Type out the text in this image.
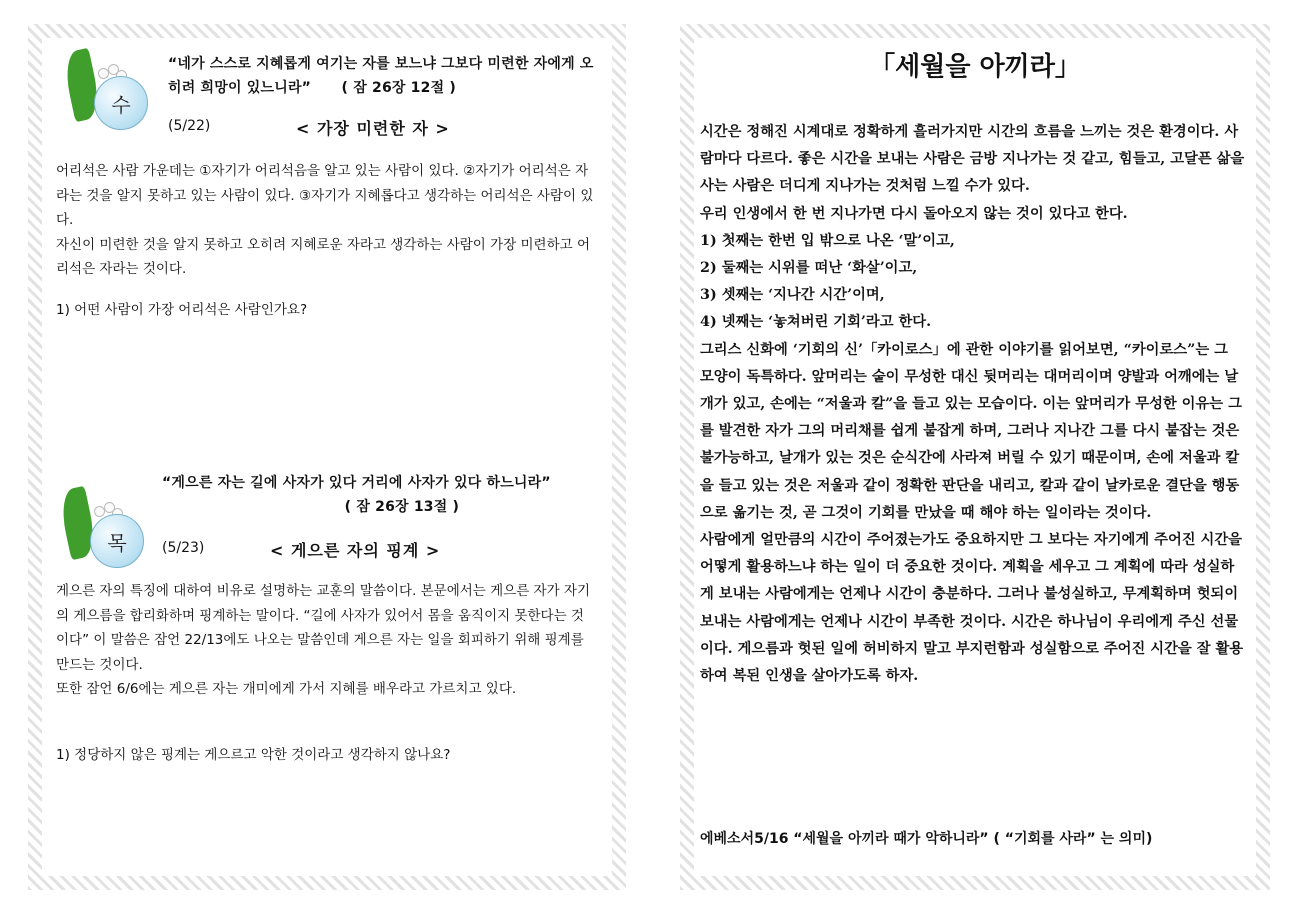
수
“네가 스스로 지혜롭게 여기는 자를 보느냐 그보다 미련한 자에게 오히려 희망이 있느니라” ( 잠 26장 12절 )
(5/22)	< 가장 미련한 자 >
어리석은 사람 가운데는 ①자기가 어리석음을 알고 있는 사람이 있다. ②자기가 어리석은 자라는 것을 알지 못하고 있는 사람이 있다. ③자기가 지혜롭다고 생각하는 어리석은 사람이 있다.
자신이 미련한 것을 알지 못하고 오히려 지혜로운 자라고 생각하는 사람이 가장 미련하고 어리석은 자라는 것이다.
1) 어떤 사람이 가장 어리석은 사람인가요?
목
“게으른 자는 길에 사자가 있다 거리에 사자가 있다 하느니라”                                     ( 잠 26장 13절 )
(5/23)	< 게으른 자의 핑계 >
게으른 자의 특징에 대하여 비유로 설명하는 교훈의 말씀이다. 본문에서는 게으른 자가 자기의 게으름을 합리화하며 핑계하는 말이다. “길에 사자가 있어서 몸을 움직이지 못한다는 것이다” 이 말씀은 잠언 22/13에도 나오는 말씀인데 게으른 자는 일을 회피하기 위해 핑계를 만드는 것이다.
또한 잠언 6/6에는 게으른 자는 개미에게 가서 지혜를 배우라고 가르치고 있다.
1) 정당하지 않은 핑계는 게으르고 악한 것이라고 생각하지 않나요?
「세월을 아끼라」

시간은 정해진 시계대로 정확하게 흘러가지만 시간의 흐름을 느끼는 것은 환경이다. 사람마다 다르다. 좋은 시간을 보내는 사람은 금방 지나가는 것 같고, 힘들고, 고달픈 삶을 사는 사람은 더디게 지나가는 것처럼 느낄 수가 있다.

우리 인생에서 한 번 지나가면 다시 돌아오지 않는 것이 있다고 한다.

1) 첫째는 한번 입 밖으로 나온 ‘말’이고,

2) 둘째는 시위를 떠난 ‘화살’이고,

3) 셋째는 ‘지나간 시간’이며,

4) 넷째는 ‘놓쳐버린 기회’라고 한다.

그리스 신화에 ‘기회의 신’「카이로스」에 관한 이야기를 읽어보면, “카이로스”는 그 모양이 독특하다. 앞머리는 숱이 무성한 대신 뒷머리는 대머리이며 양발과 어깨에는 날개가 있고, 손에는 “저울과 칼”을 들고 있는 모습이다. 이는 앞머리가 무성한 이유는 그를 발견한 자가 그의 머리채를 쉽게 붙잡게 하며, 그러나 지나간 그를 다시 붙잡는 것은 불가능하고, 날개가 있는 것은 순식간에 사라져 버릴 수 있기 때문이며, 손에 저울과 칼을 들고 있는 것은 저울과 같이 정확한 판단을 내리고, 칼과 같이 날카로운 결단을 행동으로 옮기는 것, 곧 그것이 기회를 만났을 때 해야 하는 일이라는 것이다.

사람에게 얼만큼의 시간이 주어졌는가도 중요하지만 그 보다는 자기에게 주어진 시간을 어떻게 활용하느냐 하는 일이 더 중요한 것이다. 계획을 세우고 그 계획에 따라 성실하게 보내는 사람에게는 언제나 시간이 충분하다. 그러나 불성실하고, 무계획하며 헛되이 보내는 사람에게는 언제나 시간이 부족한 것이다. 시간은 하나님이 우리에게 주신 선물이다. 게으름과 헛된 일에 허비하지 말고 부지런함과 성실함으로 주어진 시간을 잘 활용하여 복된 인생을 살아가도록 하자.

에베소서5/16 “세월을 아끼라 때가 악하니라” ( “기회를 사라” 는 의미)
